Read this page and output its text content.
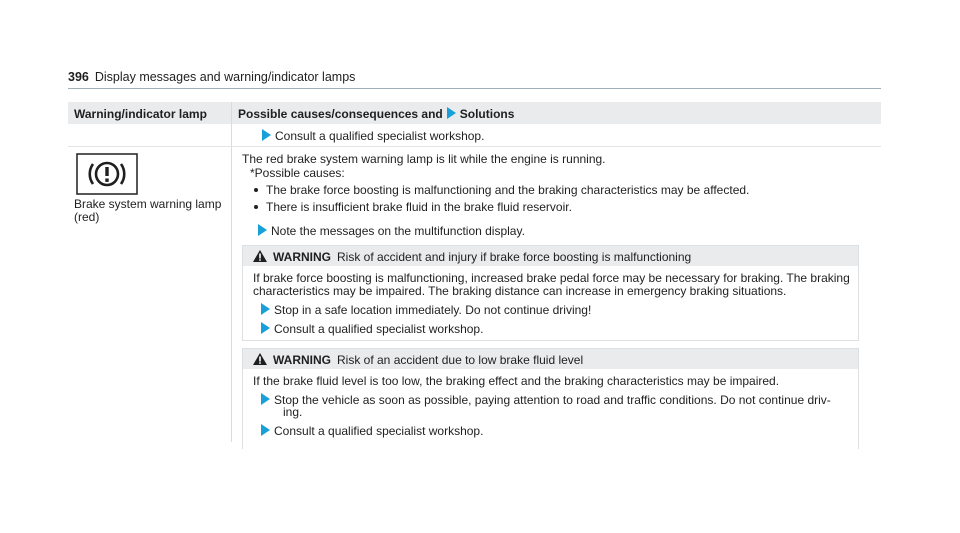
396 Display messages and warning/indicator lamps
Warning/indicator lamp	Possible causes/consequences and Solutions
Consult a qualified specialist workshop.
Brake system warning lamp
(red)
The red brake system warning lamp is lit while the engine is running.
*Possible causes:
The brake force boosting is malfunctioning and the braking characteristics may be affected.
There is insufficient brake fluid in the brake fluid reservoir.
Note the messages on the multifunction display.
WARNING Risk of accident and injury if brake force boosting is malfunctioning
If brake force boosting is malfunctioning, increased brake pedal force may be necessary for braking. The braking
characteristics may be impaired. The braking distance can increase in emergency braking situations.
Stop in a safe location immediately. Do not continue driving!
Consult a qualified specialist workshop.
WARNING Risk of an accident due to low brake fluid level
If the brake fluid level is too low, the braking effect and the braking characteristics may be impaired.
Stop the vehicle as soon as possible, paying attention to road and traffic conditions. Do not continue driv-
ing.
Consult a qualified specialist workshop.
